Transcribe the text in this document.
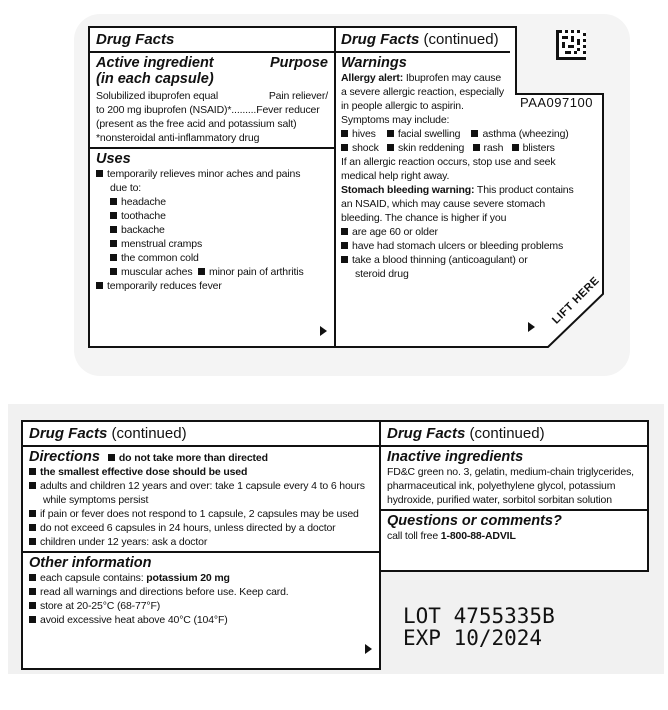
Drug Facts
Active ingredient
(in each capsule)
Purpose
Solubilized ibuprofen equal	Pain reliever/
to 200 mg ibuprofen (NSAID)*.........Fever reducer
(present as the free acid and potassium salt)
*nonsteroidal anti-inflammatory drug
Uses
temporarily relieves minor aches and pains
due to:
headache
toothache
backache
menstrual cramps
the common cold
muscular aches minor pain of arthritis
temporarily reduces fever
Drug Facts (continued)
Warnings
Allergy alert: Ibuprofen may cause
a severe allergic reaction, especially
in people allergic to aspirin.
Symptoms may include:
hives facial swelling asthma (wheezing)
shock skin reddening rash blisters
If an allergic reaction occurs, stop use and seek
medical help right away.
Stomach bleeding warning: This product contains
an NSAID, which may cause severe stomach
bleeding. The chance is higher if you
are age 60 or older
have had stomach ulcers or bleeding problems
take a blood thinning (anticoagulant) or
steroid drug
PAA097100
LIFT HERE
Drug Facts (continued)
Directions	do not take more than directed
the smallest effective dose should be used
adults and children 12 years and over: take 1 capsule every 4 to 6 hours
while symptoms persist
if pain or fever does not respond to 1 capsule, 2 capsules may be used
do not exceed 6 capsules in 24 hours, unless directed by a doctor
children under 12 years: ask a doctor
Other information
each capsule contains: potassium 20 mg
read all warnings and directions before use. Keep card.
store at 20-25°C (68-77°F)
avoid excessive heat above 40°C (104°F)
Drug Facts (continued)
Inactive ingredients
FD&C green no. 3, gelatin, medium-chain triglycerides,
pharmaceutical ink, polyethylene glycol, potassium
hydroxide, purified water, sorbitol sorbitan solution
Questions or comments?
call toll free 1-800-88-ADVIL
LOT 4755335B
EXP 10/2024
